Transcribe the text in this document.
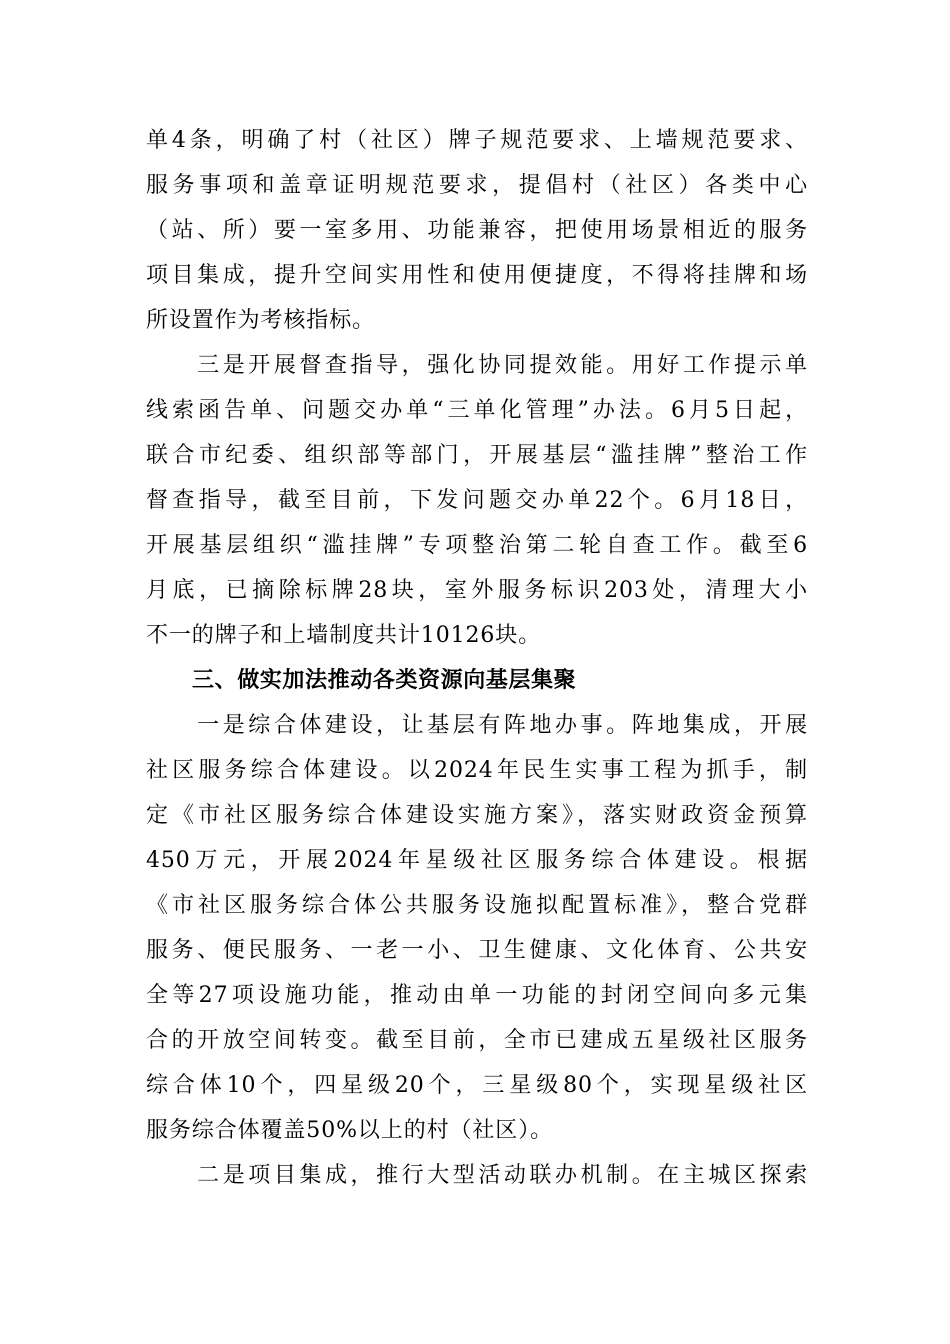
单4条，明确了村（社区）牌子规范要求、上墙规范要求、
服务事项和盖章证明规范要求，提倡村（社区）各类中心
（站、所）要一室多用、功能兼容，把使用场景相近的服务
项目集成，提升空间实用性和使用便捷度，不得将挂牌和场
所设置作为考核指标。
　　三是开展督查指导，强化协同提效能。用好工作提示单
线索函告单、问题交办单“三单化管理”办法。6月5日起，
联合市纪委、组织部等部门，开展基层“滥挂牌”整治工作
督查指导，截至目前，下发问题交办单22个。6月18日，
开展基层组织“滥挂牌”专项整治第二轮自查工作。截至6
月底，已摘除标牌28块，室外服务标识203处，清理大小
不一的牌子和上墙制度共计10126块。
三、做实加法推动各类资源向基层集聚
　　一是综合体建设，让基层有阵地办事。阵地集成，开展
社区服务综合体建设。以2024年民生实事工程为抓手，制
定《市社区服务综合体建设实施方案》，落实财政资金预算
450万元，开展2024年星级社区服务综合体建设。根据
《市社区服务综合体公共服务设施拟配置标准》，整合党群
服务、便民服务、一老一小、卫生健康、文化体育、公共安
全等27项设施功能，推动由单一功能的封闭空间向多元集
合的开放空间转变。截至目前，全市已建成五星级社区服务
综合体10个，四星级20个，三星级80个，实现星级社区
服务综合体覆盖50%以上的村（社区）。
　　二是项目集成，推行大型活动联办机制。在主城区探索
